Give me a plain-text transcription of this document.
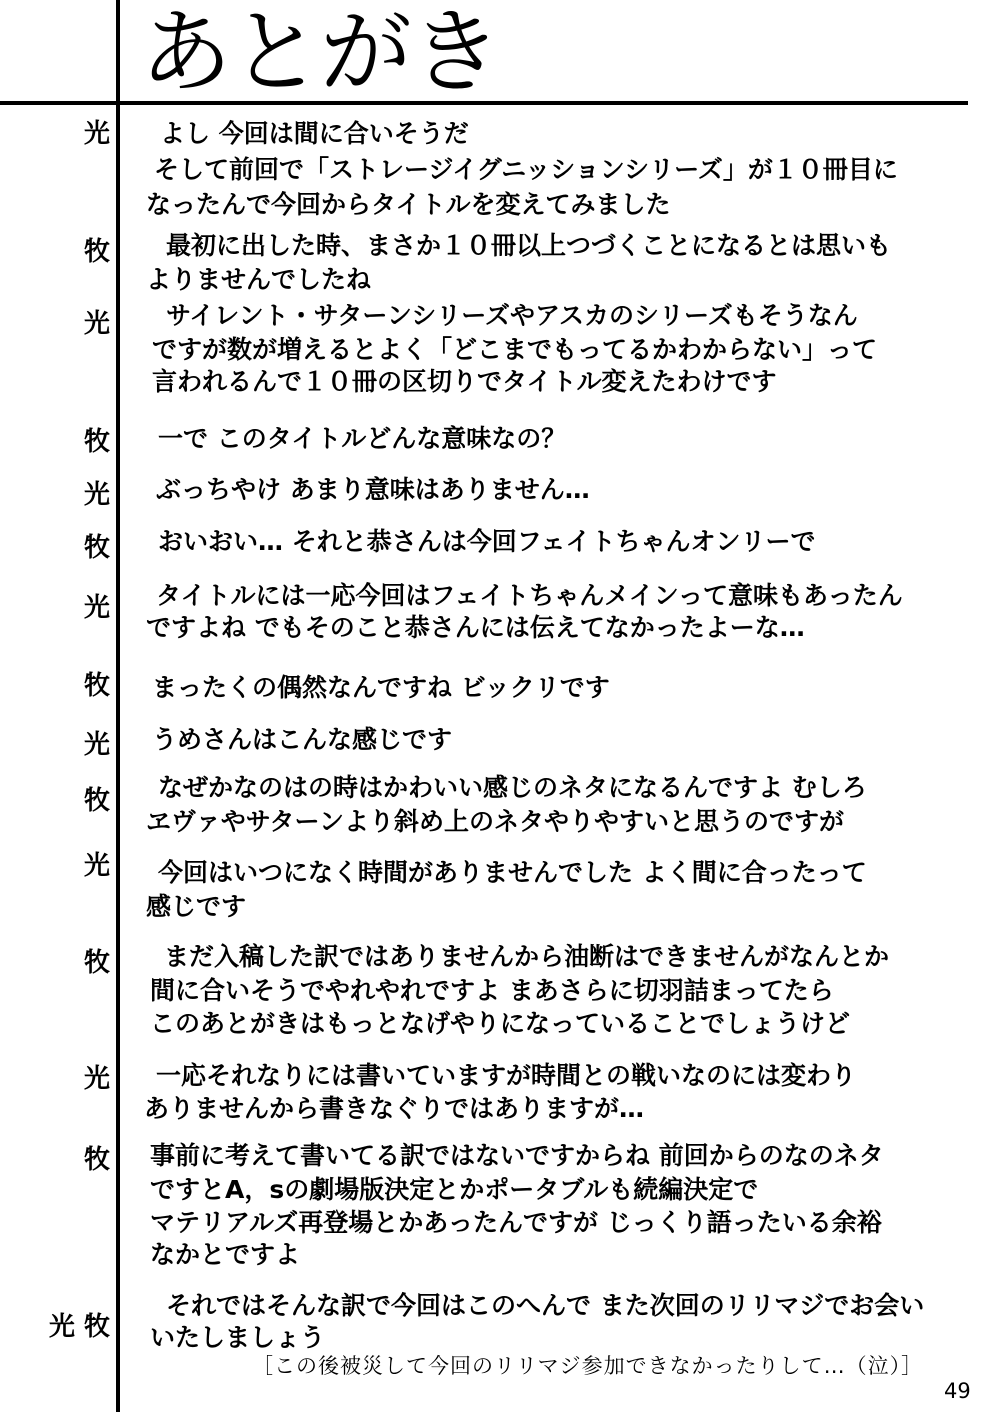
あとがき
光 よし 今回は間に合いそうだ
そして前回で「ストレージイグニッションシリーズ」が１０冊目に
なったんで今回からタイトルを変えてみました
牧 最初に出した時、まさか１０冊以上つづくことになるとは思いも
よりませんでしたね
光 サイレント・サターンシリーズやアスカのシリーズもそうなん
ですが数が増えるとよく「どこまでもってるかわからない」って
言われるんで１０冊の区切りでタイトル変えたわけです
牧 一で このタイトルどんな意味なの？
光 ぶっちやけ あまり意味はありません…
牧 おいおい… それと恭さんは今回フェイトちゃんオンリーで
光 タイトルには一応今回はフェイトちゃんメインって意味もあったん
ですよね でもそのこと恭さんには伝えてなかったよーな…
牧 まったくの偶然なんですね ビックリです
光 うめさんはこんな感じです
牧 なぜかなのはの時はかわいい感じのネタになるんですよ むしろ
ヱヴァやサターンより斜め上のネタやりやすいと思うのですが
光 今回はいつになく時間がありませんでした よく間に合ったって
感じです
牧 まだ入稿した訳ではありませんから油断はできませんがなんとか
間に合いそうでやれやれですよ まあさらに切羽詰まってたら
このあとがきはもっとなげやりになっていることでしょうけど
光 一応それなりには書いていますが時間との戦いなのには変わり
ありませんから書きなぐりではありますが…
牧 事前に考えて書いてる訳ではないですからね 前回からのなのネタ
ですとA，sの劇場版決定とかポータブルも続編決定で
マテリアルズ再登場とかあったんですが じっくり語ったいる余裕
なかとですよ
光 牧
それではそんな訳で今回はこのへんで また次回のリリマジでお会い
いたしましょう
［この後被災して今回のリリマジ参加できなかったりして…（泣）］
49
